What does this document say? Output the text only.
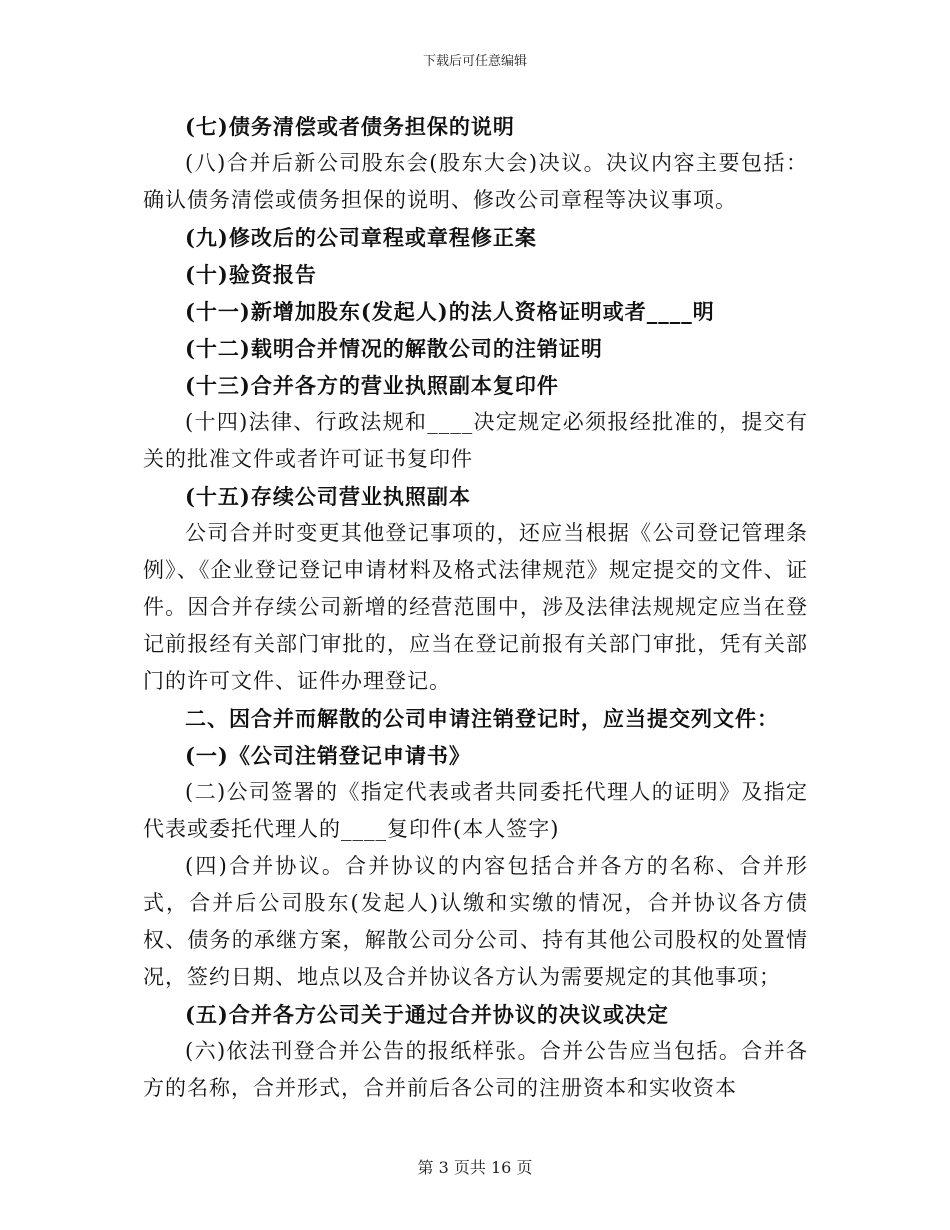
下载后可任意编辑

(七)债务清偿或者债务担保的说明

(八)合并后新公司股东会(股东大会)决议。决议内容主要包括：确认债务清偿或债务担保的说明、修改公司章程等决议事项。

(九)修改后的公司章程或章程修正案

(十)验资报告

(十一)新增加股东(发起人)的法人资格证明或者____明

(十二)载明合并情况的解散公司的注销证明

(十三)合并各方的营业执照副本复印件

(十四)法律、行政法规和____决定规定必须报经批准的，提交有关的批准文件或者许可证书复印件

(十五)存续公司营业执照副本

公司合并时变更其他登记事项的，还应当根据《公司登记管理条例》、《企业登记登记申请材料及格式法律规范》规定提交的文件、证件。因合并存续公司新增的经营范围中，涉及法律法规规定应当在登记前报经有关部门审批的，应当在登记前报有关部门审批，凭有关部门的许可文件、证件办理登记。

二、因合并而解散的公司申请注销登记时，应当提交列文件：

(一)《公司注销登记申请书》

(二)公司签署的《指定代表或者共同委托代理人的证明》及指定代表或委托代理人的____复印件(本人签字)

(四)合并协议。合并协议的内容包括合并各方的名称、合并形式，合并后公司股东(发起人)认缴和实缴的情况，合并协议各方债权、债务的承继方案，解散公司分公司、持有其他公司股权的处置情况，签约日期、地点以及合并协议各方认为需要规定的其他事项；

(五)合并各方公司关于通过合并协议的决议或决定

(六)依法刊登合并公告的报纸样张。合并公告应当包括。合并各方的名称，合并形式，合并前后各公司的注册资本和实收资本

第 3 页共 16 页
